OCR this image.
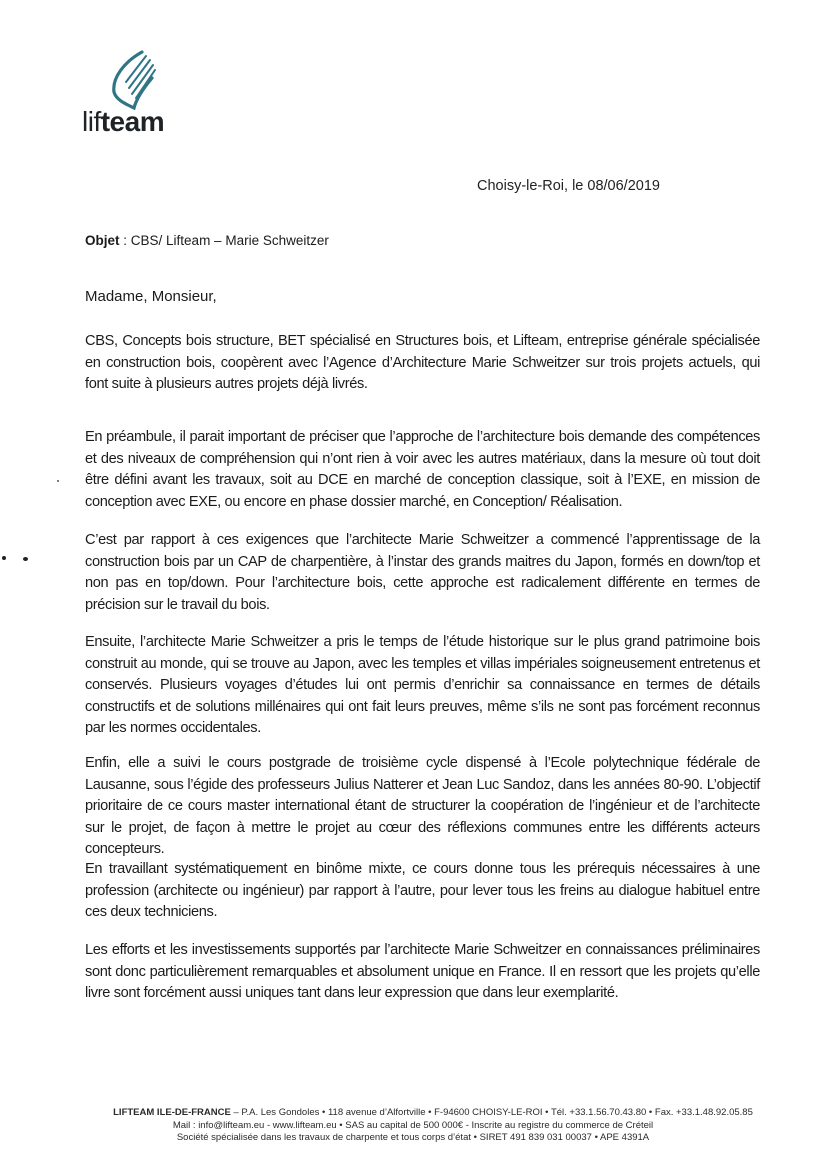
lifteam
Choisy-le-Roi, le 08/06/2019
Objet : CBS/ Lifteam – Marie Schweitzer
Madame, Monsieur,
CBS, Concepts bois structure, BET spécialisé en Structures bois, et Lifteam, entreprise générale spécialisée en construction bois, coopèrent avec l’Agence d’Architecture Marie Schweitzer sur trois projets actuels, qui font suite à plusieurs autres projets déjà livrés.
En préambule, il parait important de préciser que l’approche de l’architecture bois demande des compétences et des niveaux de compréhension qui n’ont rien à voir avec les autres matériaux, dans la mesure où tout doit être défini avant les travaux, soit au DCE en marché de conception classique, soit à l’EXE, en mission de conception avec EXE, ou encore en phase dossier marché, en Conception/ Réalisation.
C’est par rapport à ces exigences que l’architecte Marie Schweitzer a commencé l’apprentissage de la construction bois par un CAP de charpentière, à l’instar des grands maitres du Japon, formés en down/top et non pas en top/down. Pour l’architecture bois, cette approche est radicalement différente en termes de précision sur le travail du bois.
Ensuite, l’architecte Marie Schweitzer a pris le temps de l’étude historique sur le plus grand patrimoine bois construit au monde, qui se trouve au Japon, avec les temples et villas impériales soigneusement entretenus et conservés. Plusieurs voyages d’études lui ont permis d’enrichir sa connaissance en termes de détails constructifs et de solutions millénaires qui ont fait leurs preuves, même s’ils ne sont pas forcément reconnus par les normes occidentales.
Enfin, elle a suivi le cours postgrade de troisième cycle dispensé à l’Ecole polytechnique fédérale de Lausanne, sous l’égide des professeurs Julius Natterer et Jean Luc Sandoz, dans les années 80-90. L’objectif prioritaire de ce cours master international étant de structurer la coopération de l’ingénieur et de l’architecte sur le projet, de façon à mettre le projet au cœur des réflexions communes entre les différents acteurs concepteurs.
En travaillant systématiquement en binôme mixte, ce cours donne tous les prérequis nécessaires à une profession (architecte ou ingénieur) par rapport à l’autre, pour lever tous les freins au dialogue habituel entre ces deux techniciens.
Les efforts et les investissements supportés par l’architecte Marie Schweitzer en connaissances préliminaires sont donc particulièrement remarquables et absolument unique en France. Il en ressort que les projets qu’elle livre sont forcément aussi uniques tant dans leur expression que dans leur exemplarité.
LIFTEAM ILE-DE-FRANCE – P.A. Les Gondoles • 118 avenue d’Alfortville • F-94600 CHOISY-LE-ROI • Tél. +33.1.56.70.43.80 • Fax. +33.1.48.92.05.85
Mail : info@lifteam.eu - www.lifteam.eu • SAS au capital de 500 000€ - Inscrite au registre du commerce de Créteil
Société spécialisée dans les travaux de charpente et tous corps d’état • SIRET 491 839 031 00037 • APE 4391A
